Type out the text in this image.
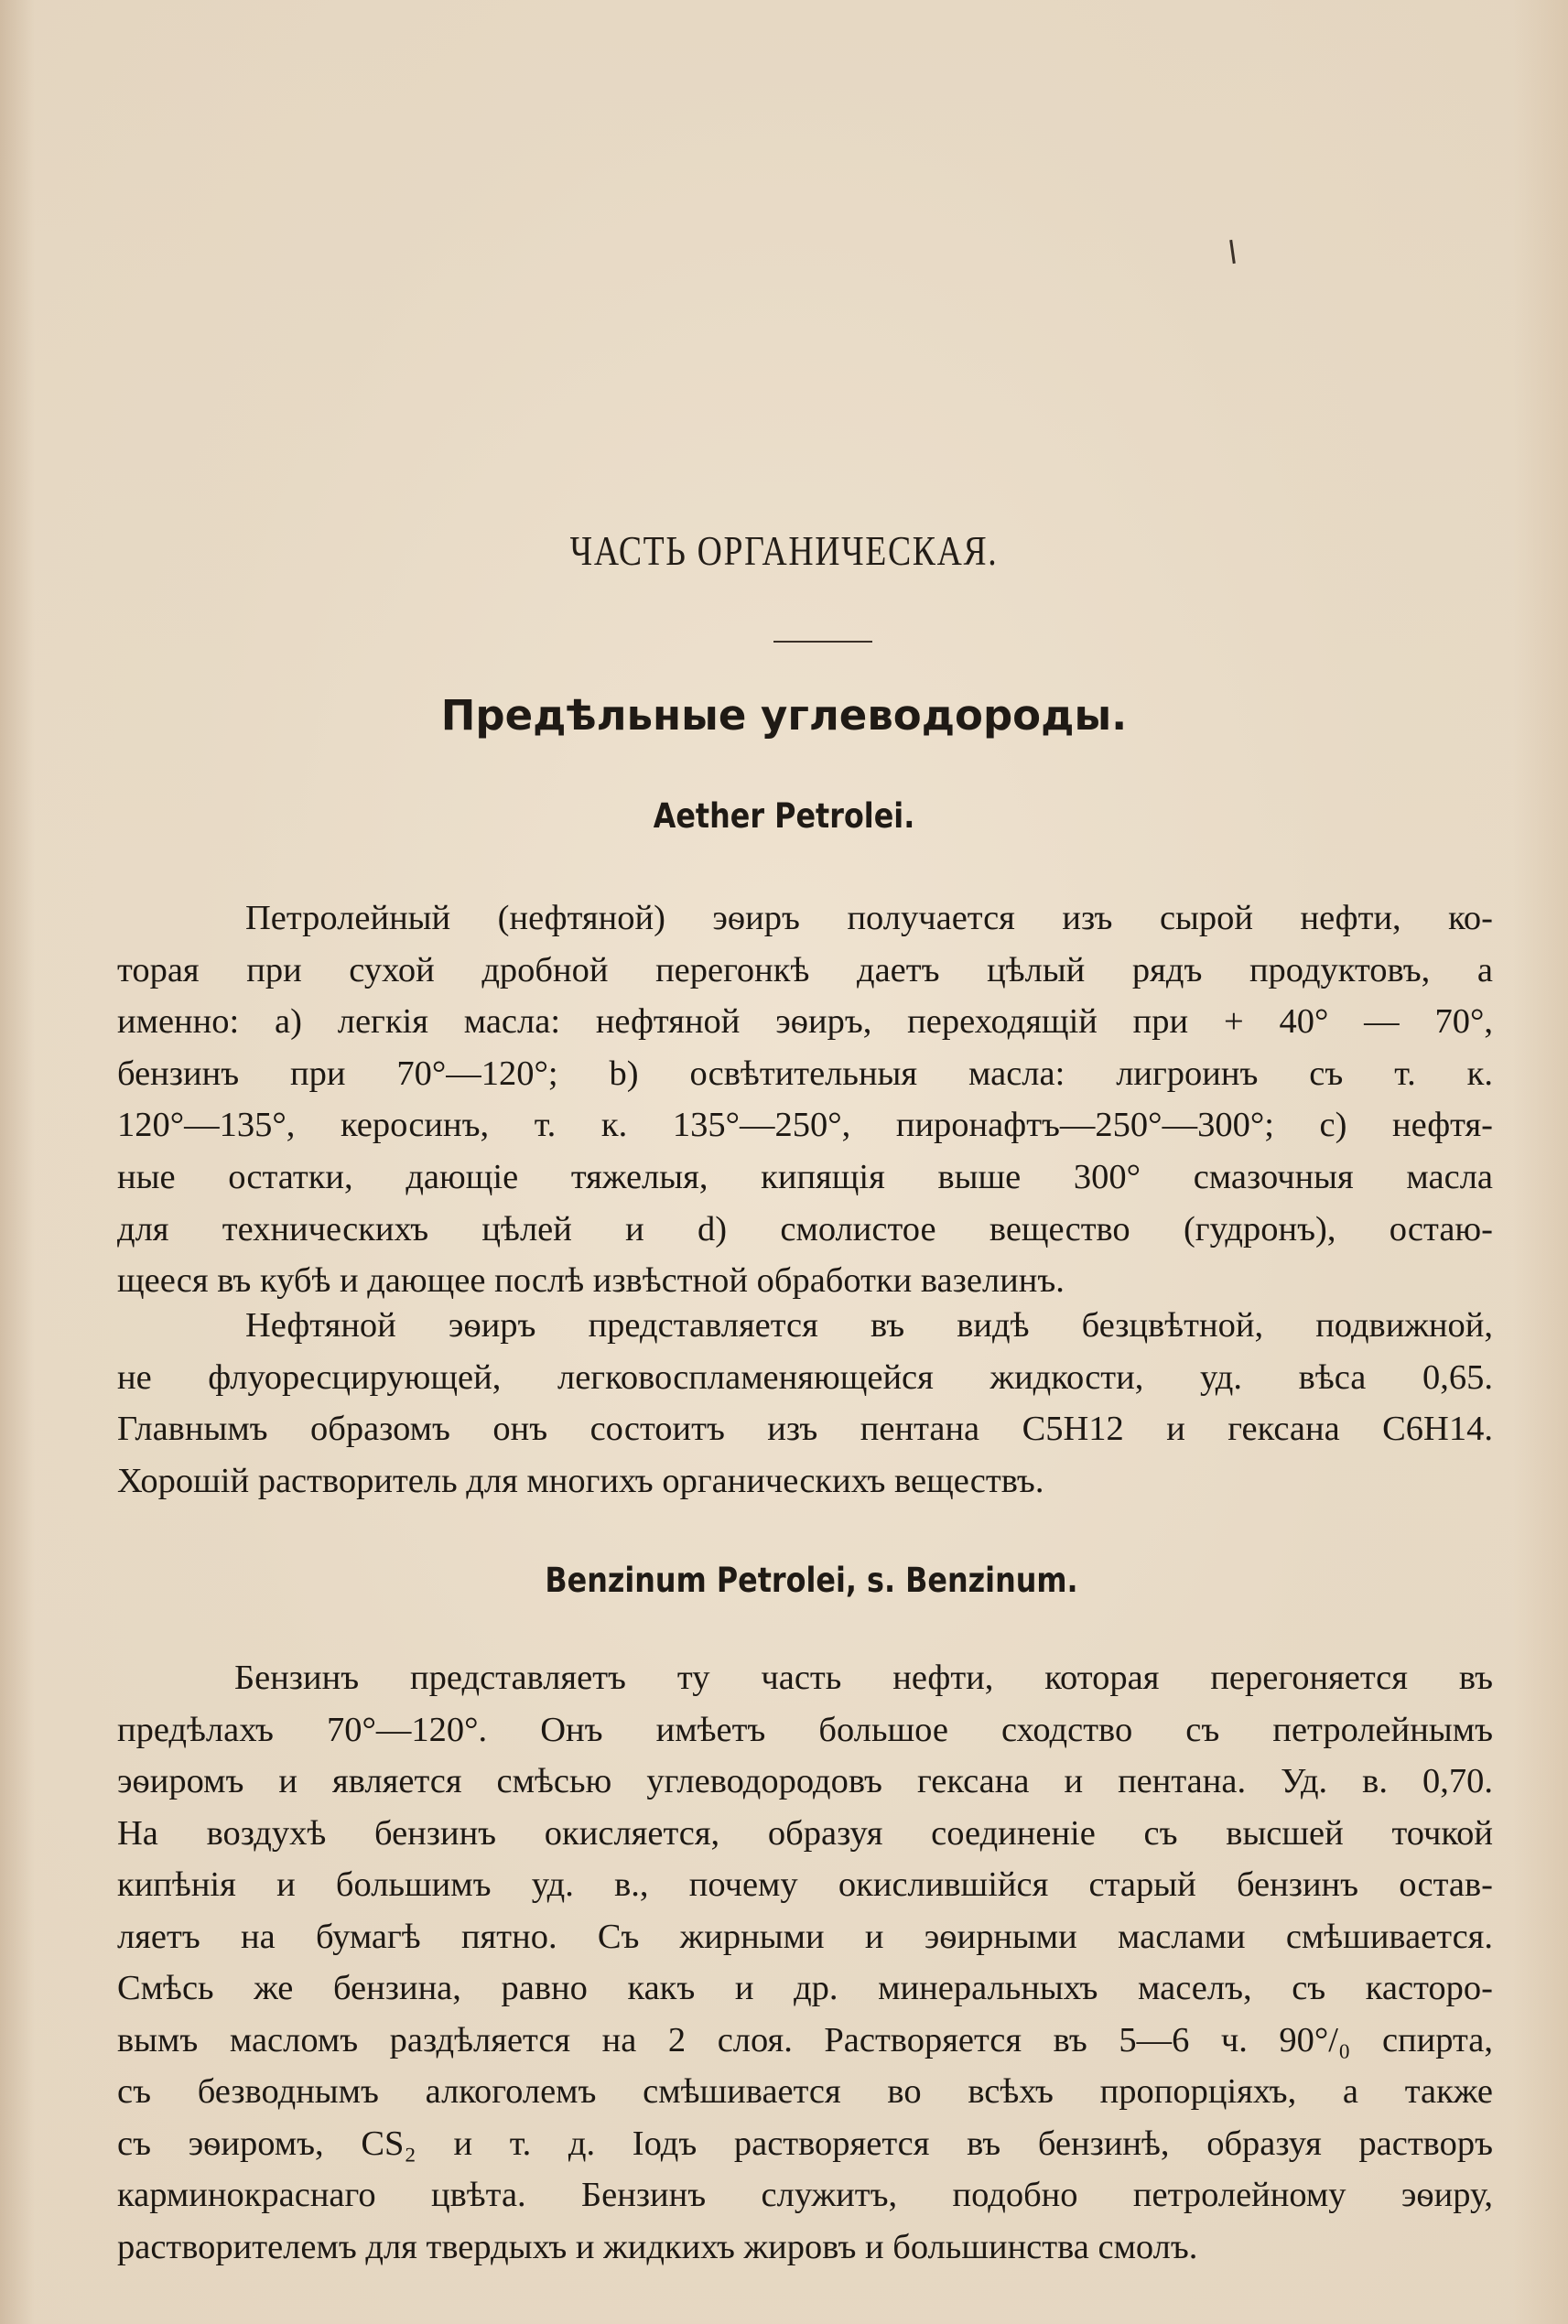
ЧАСТЬ ОРГАНИЧЕСКАЯ.
Предѣльные углеводороды.
Aether Petrolei.
Петролейный (нефтяной) эѳиръ получается изъ сырой нефти, ко-
торая при сухой дробной перегонкѣ даетъ цѣлый рядъ продуктовъ, а
именно: а) легкія масла: нефтяной эѳиръ, переходящій при + 40° — 70°,
бензинъ при 70°—120°; b) освѣтительныя масла: лигроинъ съ т. к.
120°—135°, керосинъ, т. к. 135°—250°, пиронафтъ—250°—300°; с) нефтя-
ные остатки, дающіе тяжелыя, кипящія выше 300° смазочныя масла
для техническихъ цѣлей и d) смолистое вещество (гудронъ), остаю-
щееся въ кубѣ и дающее послѣ извѣстной обработки вазелинъ.
Нефтяной эѳиръ представляется въ видѣ безцвѣтной, подвижной,
не флуоресцирующей, легковоспламеняющейся жидкости, уд. вѣса 0,65.
Главнымъ образомъ онъ состоитъ изъ пентана C5H12 и гексана C6H14.
Хорошій растворитель для многихъ органическихъ веществъ.
Benzinum Petrolei, s. Benzinum.
Бензинъ представляетъ ту часть нефти, которая перегоняется въ
предѣлахъ 70°—120°. Онъ имѣетъ большое сходство съ петролейнымъ
эѳиромъ и является смѣсью углеводородовъ гексана и пентана. Уд. в. 0,70.
На воздухѣ бензинъ окисляется, образуя соединеніе съ высшей точкой
кипѣнія и большимъ уд. в., почему окислившійся старый бензинъ остав-
ляетъ на бумагѣ пятно. Съ жирными и эѳирными маслами смѣшивается.
Смѣсь же бензина, равно какъ и др. минеральныхъ маселъ, съ касторо-
вымъ масломъ раздѣляется на 2 слоя. Растворяется въ 5—6 ч. 90°/₀ спирта,
съ безводнымъ алкоголемъ смѣшивается во всѣхъ пропорціяхъ, а также
съ эѳиромъ, CS₂ и т. д. Іодъ растворяется въ бензинѣ, образуя растворъ
карминокраснаго цвѣта. Бензинъ служитъ, подобно петролейному эѳиру,
растворителемъ для твердыхъ и жидкихъ жировъ и большинства смолъ.
